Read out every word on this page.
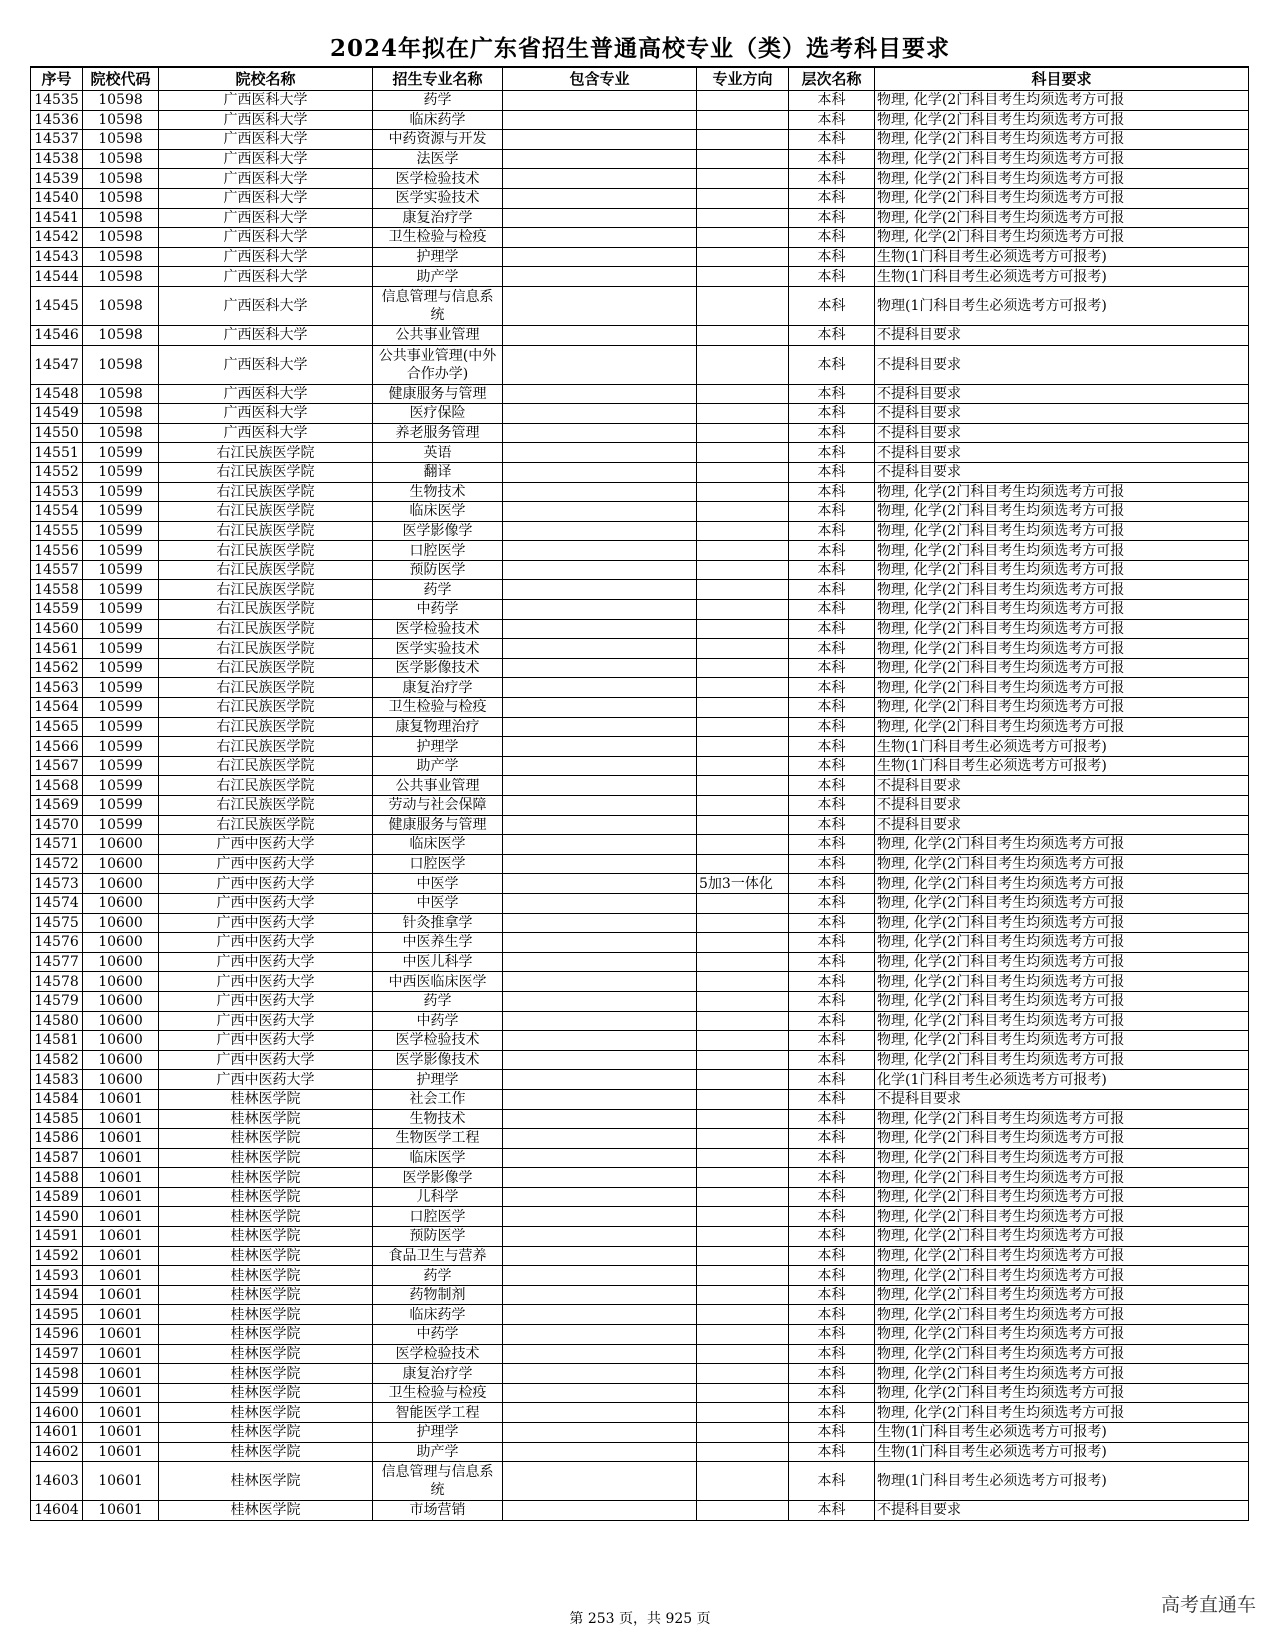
2024年拟在广东省招生普通高校专业（类）选考科目要求
序号	院校代码	院校名称	招生专业名称	包含专业	专业方向	层次名称	科目要求
14535	10598	广西医科大学	药学			本科	物理, 化学(2门科目考生均须选考方可报
14536	10598	广西医科大学	临床药学			本科	物理, 化学(2门科目考生均须选考方可报
14537	10598	广西医科大学	中药资源与开发			本科	物理, 化学(2门科目考生均须选考方可报
14538	10598	广西医科大学	法医学			本科	物理, 化学(2门科目考生均须选考方可报
14539	10598	广西医科大学	医学检验技术			本科	物理, 化学(2门科目考生均须选考方可报
14540	10598	广西医科大学	医学实验技术			本科	物理, 化学(2门科目考生均须选考方可报
14541	10598	广西医科大学	康复治疗学			本科	物理, 化学(2门科目考生均须选考方可报
14542	10598	广西医科大学	卫生检验与检疫			本科	物理, 化学(2门科目考生均须选考方可报
14543	10598	广西医科大学	护理学			本科	生物(1门科目考生必须选考方可报考)
14544	10598	广西医科大学	助产学			本科	生物(1门科目考生必须选考方可报考)
14545	10598	广西医科大学	信息管理与信息系统			本科	物理(1门科目考生必须选考方可报考)
14546	10598	广西医科大学	公共事业管理			本科	不提科目要求
14547	10598	广西医科大学	公共事业管理(中外合作办学)			本科	不提科目要求
14548	10598	广西医科大学	健康服务与管理			本科	不提科目要求
14549	10598	广西医科大学	医疗保险			本科	不提科目要求
14550	10598	广西医科大学	养老服务管理			本科	不提科目要求
14551	10599	右江民族医学院	英语			本科	不提科目要求
14552	10599	右江民族医学院	翻译			本科	不提科目要求
14553	10599	右江民族医学院	生物技术			本科	物理, 化学(2门科目考生均须选考方可报
14554	10599	右江民族医学院	临床医学			本科	物理, 化学(2门科目考生均须选考方可报
14555	10599	右江民族医学院	医学影像学			本科	物理, 化学(2门科目考生均须选考方可报
14556	10599	右江民族医学院	口腔医学			本科	物理, 化学(2门科目考生均须选考方可报
14557	10599	右江民族医学院	预防医学			本科	物理, 化学(2门科目考生均须选考方可报
14558	10599	右江民族医学院	药学			本科	物理, 化学(2门科目考生均须选考方可报
14559	10599	右江民族医学院	中药学			本科	物理, 化学(2门科目考生均须选考方可报
14560	10599	右江民族医学院	医学检验技术			本科	物理, 化学(2门科目考生均须选考方可报
14561	10599	右江民族医学院	医学实验技术			本科	物理, 化学(2门科目考生均须选考方可报
14562	10599	右江民族医学院	医学影像技术			本科	物理, 化学(2门科目考生均须选考方可报
14563	10599	右江民族医学院	康复治疗学			本科	物理, 化学(2门科目考生均须选考方可报
14564	10599	右江民族医学院	卫生检验与检疫			本科	物理, 化学(2门科目考生均须选考方可报
14565	10599	右江民族医学院	康复物理治疗			本科	物理, 化学(2门科目考生均须选考方可报
14566	10599	右江民族医学院	护理学			本科	生物(1门科目考生必须选考方可报考)
14567	10599	右江民族医学院	助产学			本科	生物(1门科目考生必须选考方可报考)
14568	10599	右江民族医学院	公共事业管理			本科	不提科目要求
14569	10599	右江民族医学院	劳动与社会保障			本科	不提科目要求
14570	10599	右江民族医学院	健康服务与管理			本科	不提科目要求
14571	10600	广西中医药大学	临床医学			本科	物理, 化学(2门科目考生均须选考方可报
14572	10600	广西中医药大学	口腔医学			本科	物理, 化学(2门科目考生均须选考方可报
14573	10600	广西中医药大学	中医学		5加3一体化	本科	物理, 化学(2门科目考生均须选考方可报
14574	10600	广西中医药大学	中医学			本科	物理, 化学(2门科目考生均须选考方可报
14575	10600	广西中医药大学	针灸推拿学			本科	物理, 化学(2门科目考生均须选考方可报
14576	10600	广西中医药大学	中医养生学			本科	物理, 化学(2门科目考生均须选考方可报
14577	10600	广西中医药大学	中医儿科学			本科	物理, 化学(2门科目考生均须选考方可报
14578	10600	广西中医药大学	中西医临床医学			本科	物理, 化学(2门科目考生均须选考方可报
14579	10600	广西中医药大学	药学			本科	物理, 化学(2门科目考生均须选考方可报
14580	10600	广西中医药大学	中药学			本科	物理, 化学(2门科目考生均须选考方可报
14581	10600	广西中医药大学	医学检验技术			本科	物理, 化学(2门科目考生均须选考方可报
14582	10600	广西中医药大学	医学影像技术			本科	物理, 化学(2门科目考生均须选考方可报
14583	10600	广西中医药大学	护理学			本科	化学(1门科目考生必须选考方可报考)
14584	10601	桂林医学院	社会工作			本科	不提科目要求
14585	10601	桂林医学院	生物技术			本科	物理, 化学(2门科目考生均须选考方可报
14586	10601	桂林医学院	生物医学工程			本科	物理, 化学(2门科目考生均须选考方可报
14587	10601	桂林医学院	临床医学			本科	物理, 化学(2门科目考生均须选考方可报
14588	10601	桂林医学院	医学影像学			本科	物理, 化学(2门科目考生均须选考方可报
14589	10601	桂林医学院	儿科学			本科	物理, 化学(2门科目考生均须选考方可报
14590	10601	桂林医学院	口腔医学			本科	物理, 化学(2门科目考生均须选考方可报
14591	10601	桂林医学院	预防医学			本科	物理, 化学(2门科目考生均须选考方可报
14592	10601	桂林医学院	食品卫生与营养			本科	物理, 化学(2门科目考生均须选考方可报
14593	10601	桂林医学院	药学			本科	物理, 化学(2门科目考生均须选考方可报
14594	10601	桂林医学院	药物制剂			本科	物理, 化学(2门科目考生均须选考方可报
14595	10601	桂林医学院	临床药学			本科	物理, 化学(2门科目考生均须选考方可报
14596	10601	桂林医学院	中药学			本科	物理, 化学(2门科目考生均须选考方可报
14597	10601	桂林医学院	医学检验技术			本科	物理, 化学(2门科目考生均须选考方可报
14598	10601	桂林医学院	康复治疗学			本科	物理, 化学(2门科目考生均须选考方可报
14599	10601	桂林医学院	卫生检验与检疫			本科	物理, 化学(2门科目考生均须选考方可报
14600	10601	桂林医学院	智能医学工程			本科	物理, 化学(2门科目考生均须选考方可报
14601	10601	桂林医学院	护理学			本科	生物(1门科目考生必须选考方可报考)
14602	10601	桂林医学院	助产学			本科	生物(1门科目考生必须选考方可报考)
14603	10601	桂林医学院	信息管理与信息系统			本科	物理(1门科目考生必须选考方可报考)
14604	10601	桂林医学院	市场营销			本科	不提科目要求
第 253 页，共 925 页
高考直通车
